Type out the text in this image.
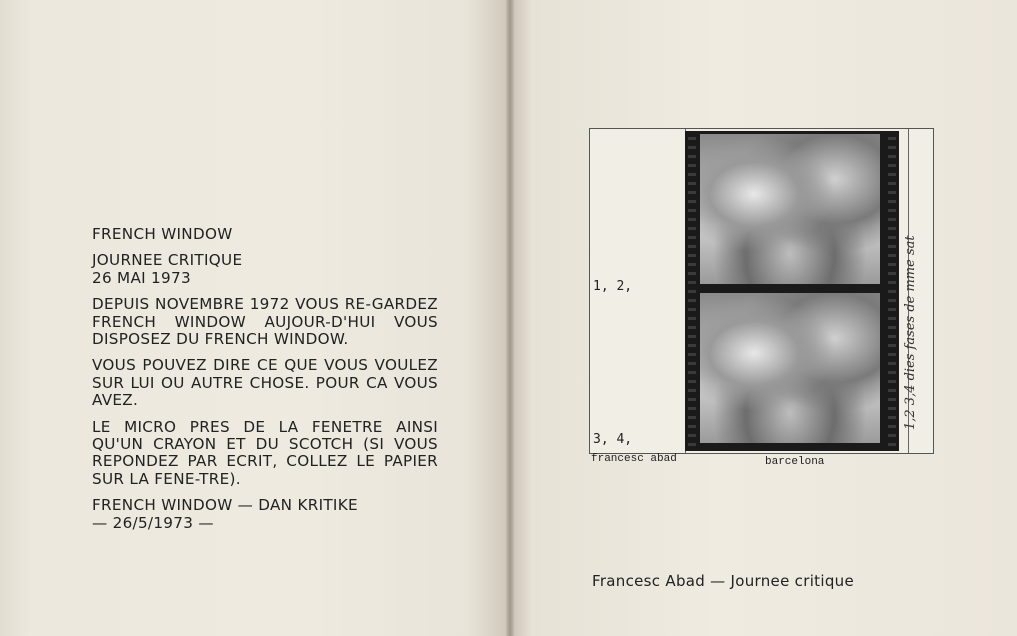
FRENCH WINDOW

JOURNEE CRITIQUE
26 MAI 1973

DEPUIS NOVEMBRE 1972 VOUS RE-GARDEZ FRENCH WINDOW AUJOUR-D'HUI VOUS DISPOSEZ DU FRENCH WINDOW.

VOUS POUVEZ DIRE CE QUE VOUS VOULEZ SUR LUI OU AUTRE CHOSE. POUR CA VOUS AVEZ.

LE MICRO PRES DE LA FENETRE AINSI QU'UN CRAYON ET DU SCOTCH (SI VOUS REPONDEZ PAR ECRIT, COLLEZ LE PAPIER SUR LA FENE-TRE).

FRENCH WINDOW — DAN KRITIKE
— 26/5/1973 —

1, 2,
3, 4,
francesc abad	barcelona
1,2 3,4 dies fases de mme sat
Francesc Abad — Journee critique
